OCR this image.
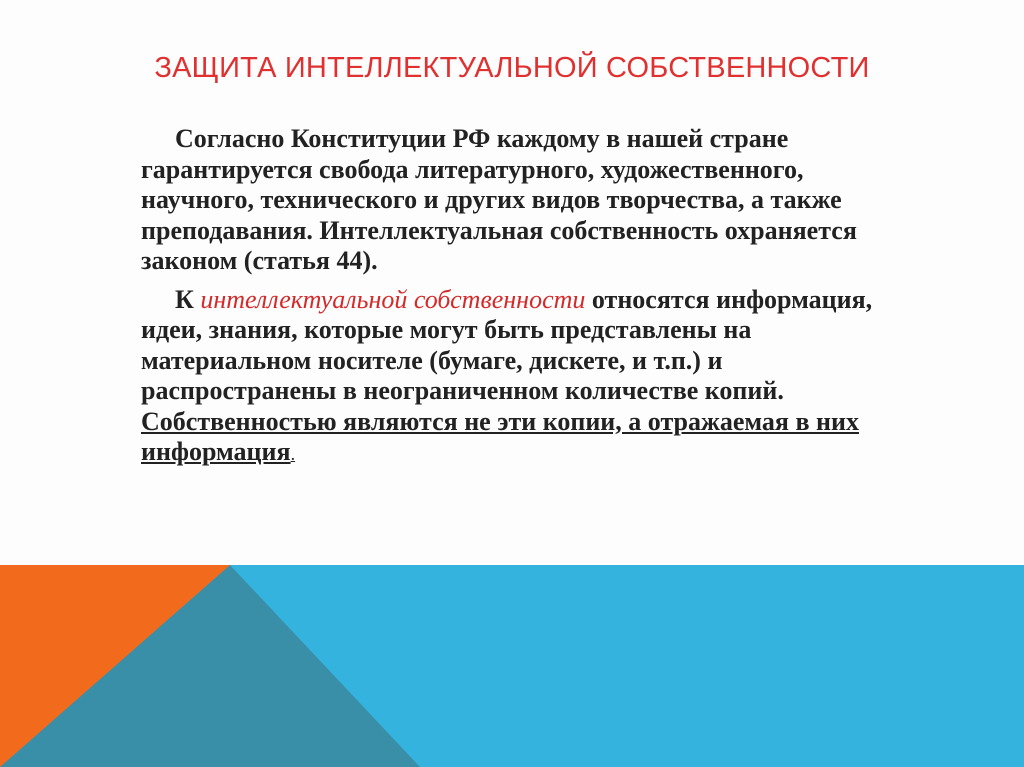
ЗАЩИТА ИНТЕЛЛЕКТУАЛЬНОЙ СОБСТВЕННОСТИ

Согласно Конституции РФ каждому в нашей стране гарантируется свобода литературного, художественного, научного, технического и других видов творчества, а также преподавания. Интеллектуальная собственность охраняется законом (статья 44).

К интеллектуальной собственности относятся информация, идеи, знания, которые могут быть представлены на материальном носителе (бумаге, дискете, и т.п.) и распространены в неограниченном количестве копий. Собственностью являются не эти копии, а отражаемая в них информация.
